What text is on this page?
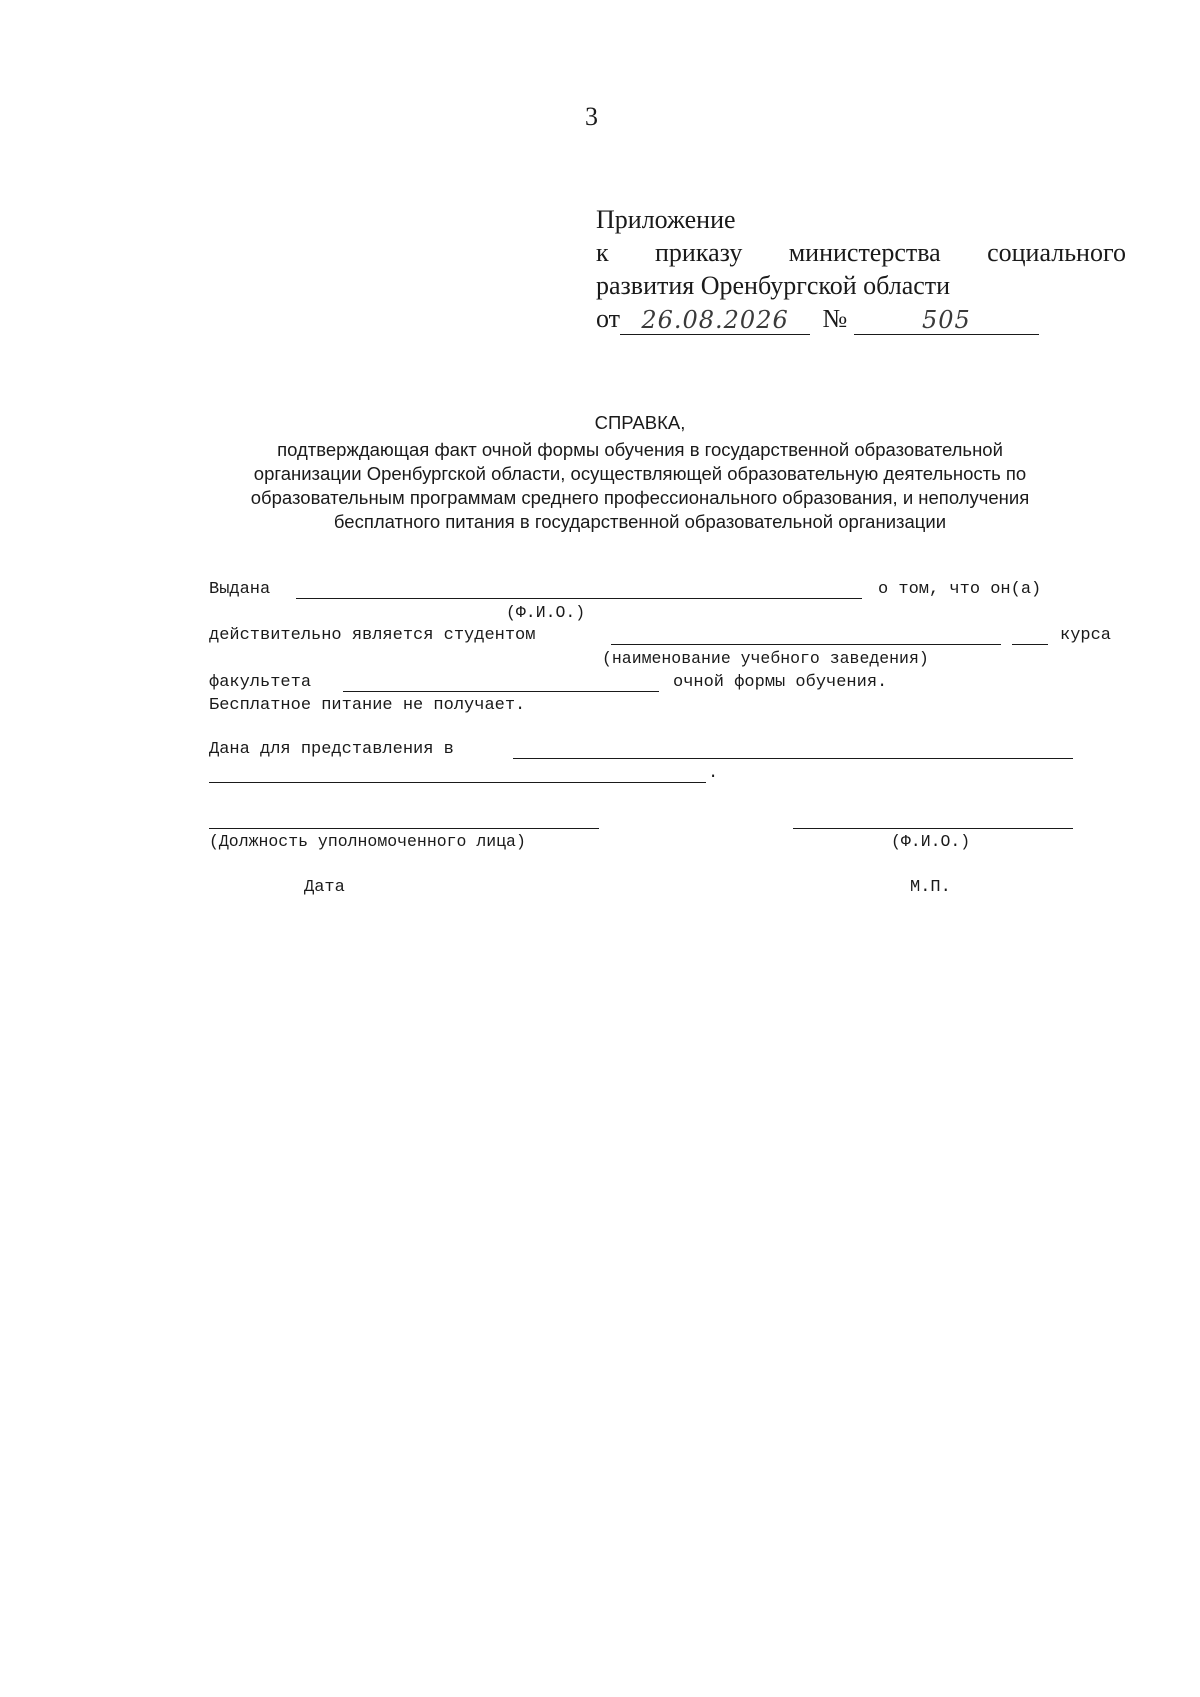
3
Приложение
к приказу министерства социального
развития Оренбургской области
от 26.08.2026 №	505
СПРАВКА,
подтверждающая факт очной формы обучения в государственной образовательной
организации Оренбургской области, осуществляющей образовательную деятельность по
образовательным программам среднего профессионального образования, и неполучения
бесплатного питания в государственной образовательной организации
Выдана	о том, что он(а)
(Ф.И.О.)
действительно является студентом	курса
(наименование учебного заведения)
факультета	очной формы обучения.
Бесплатное питание не получает.
Дана для представления в
.
(Должность уполномоченного лица)	(Ф.И.О.)
Дата	М.П.
